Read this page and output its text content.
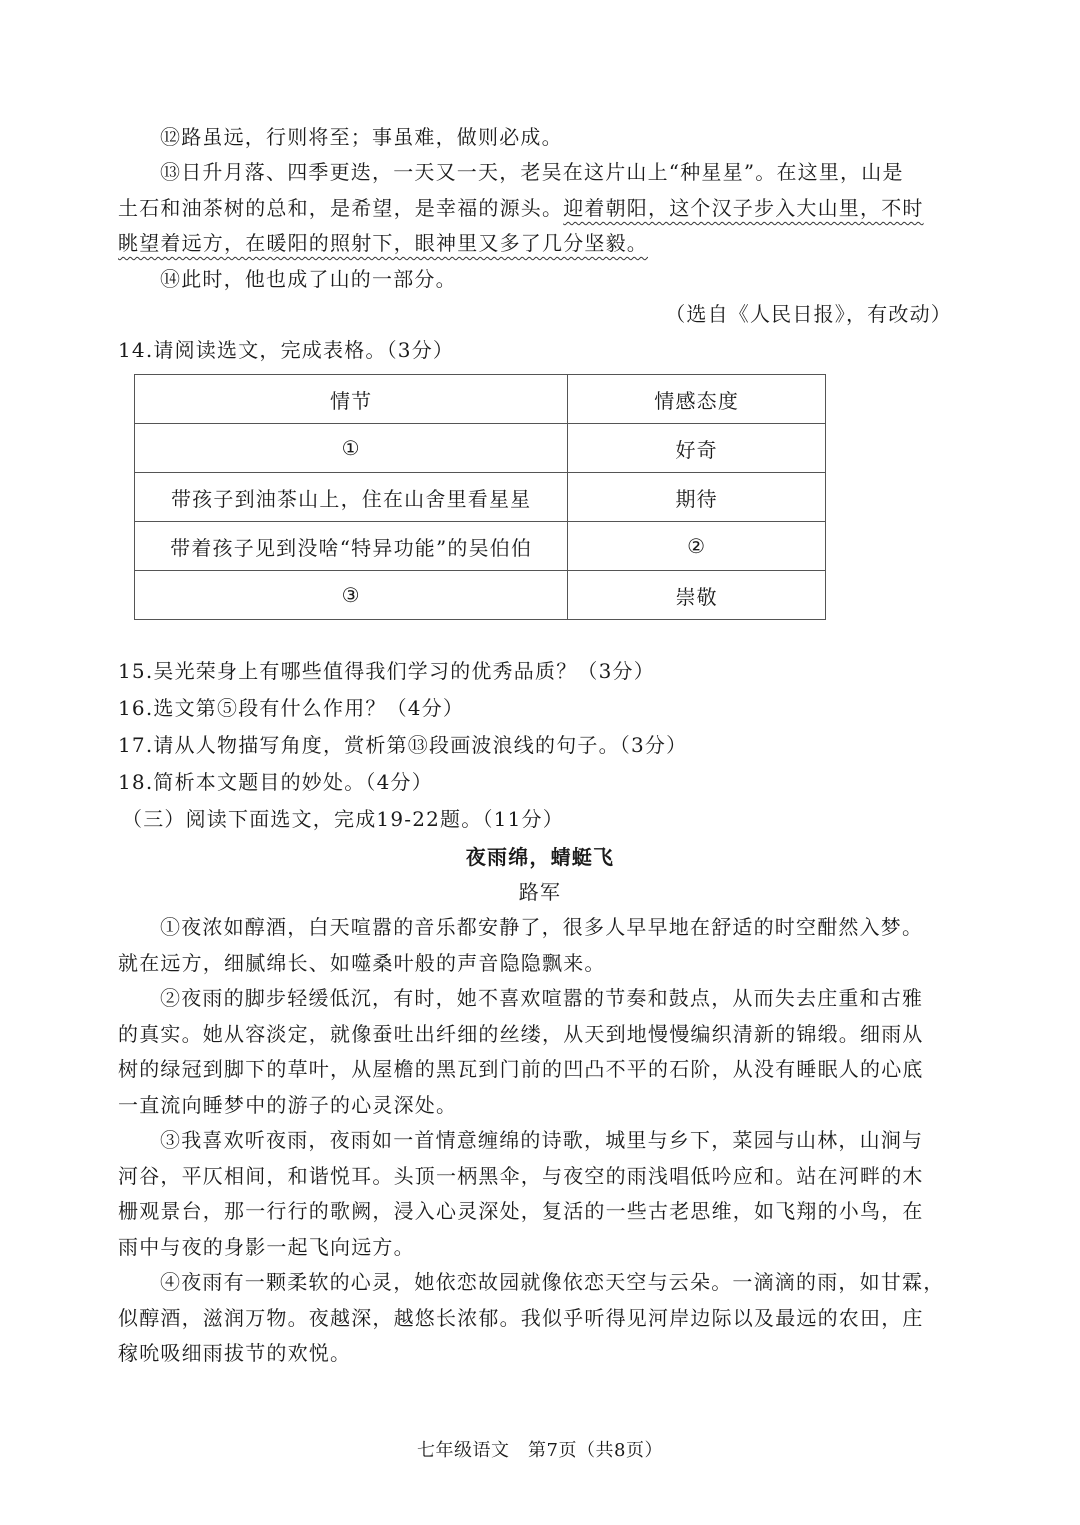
⑫路虽远，行则将至；事虽难，做则必成。
⑬日升月落、四季更迭，一天又一天，老吴在这片山上“种星星”。在这里，山是
土石和油茶树的总和，是希望，是幸福的源头。迎着朝阳，这个汉子步入大山里，不时
眺望着远方，在暖阳的照射下，眼神里又多了几分坚毅。
⑭此时，他也成了山的一部分。
（选自《人民日报》，有改动）
14.请阅读选文，完成表格。（3分）
情节	情感态度
①	好奇
带孩子到油茶山上，住在山舍里看星星	期待
带着孩子见到没啥“特异功能”的吴伯伯	②
③	崇敬
15.吴光荣身上有哪些值得我们学习的优秀品质？（3分）
16.选文第⑤段有什么作用？（4分）
17.请从人物描写角度，赏析第⑬段画波浪线的句子。（3分）
18.简析本文题目的妙处。（4分）
（三）阅读下面选文，完成19-22题。（11分）
夜雨绵，蜻蜓飞
路军
①夜浓如醇酒，白天喧嚣的音乐都安静了，很多人早早地在舒适的时空酣然入梦。
就在远方，细腻绵长、如噬桑叶般的声音隐隐飘来。
②夜雨的脚步轻缓低沉，有时，她不喜欢喧嚣的节奏和鼓点，从而失去庄重和古雅
的真实。她从容淡定，就像蚕吐出纤细的丝缕，从天到地慢慢编织清新的锦缎。细雨从
树的绿冠到脚下的草叶，从屋檐的黑瓦到门前的凹凸不平的石阶，从没有睡眠人的心底
一直流向睡梦中的游子的心灵深处。
③我喜欢听夜雨，夜雨如一首情意缠绵的诗歌，城里与乡下，菜园与山林，山涧与
河谷，平仄相间，和谐悦耳。头顶一柄黑伞，与夜空的雨浅唱低吟应和。站在河畔的木
栅观景台，那一行行的歌阙，浸入心灵深处，复活的一些古老思维，如飞翔的小鸟，在
雨中与夜的身影一起飞向远方。
④夜雨有一颗柔软的心灵，她依恋故园就像依恋天空与云朵。一滴滴的雨，如甘霖，
似醇酒，滋润万物。夜越深，越悠长浓郁。我似乎听得见河岸边际以及最远的农田，庄
稼吮吸细雨拔节的欢悦。
七年级语文　第7页（共8页）
